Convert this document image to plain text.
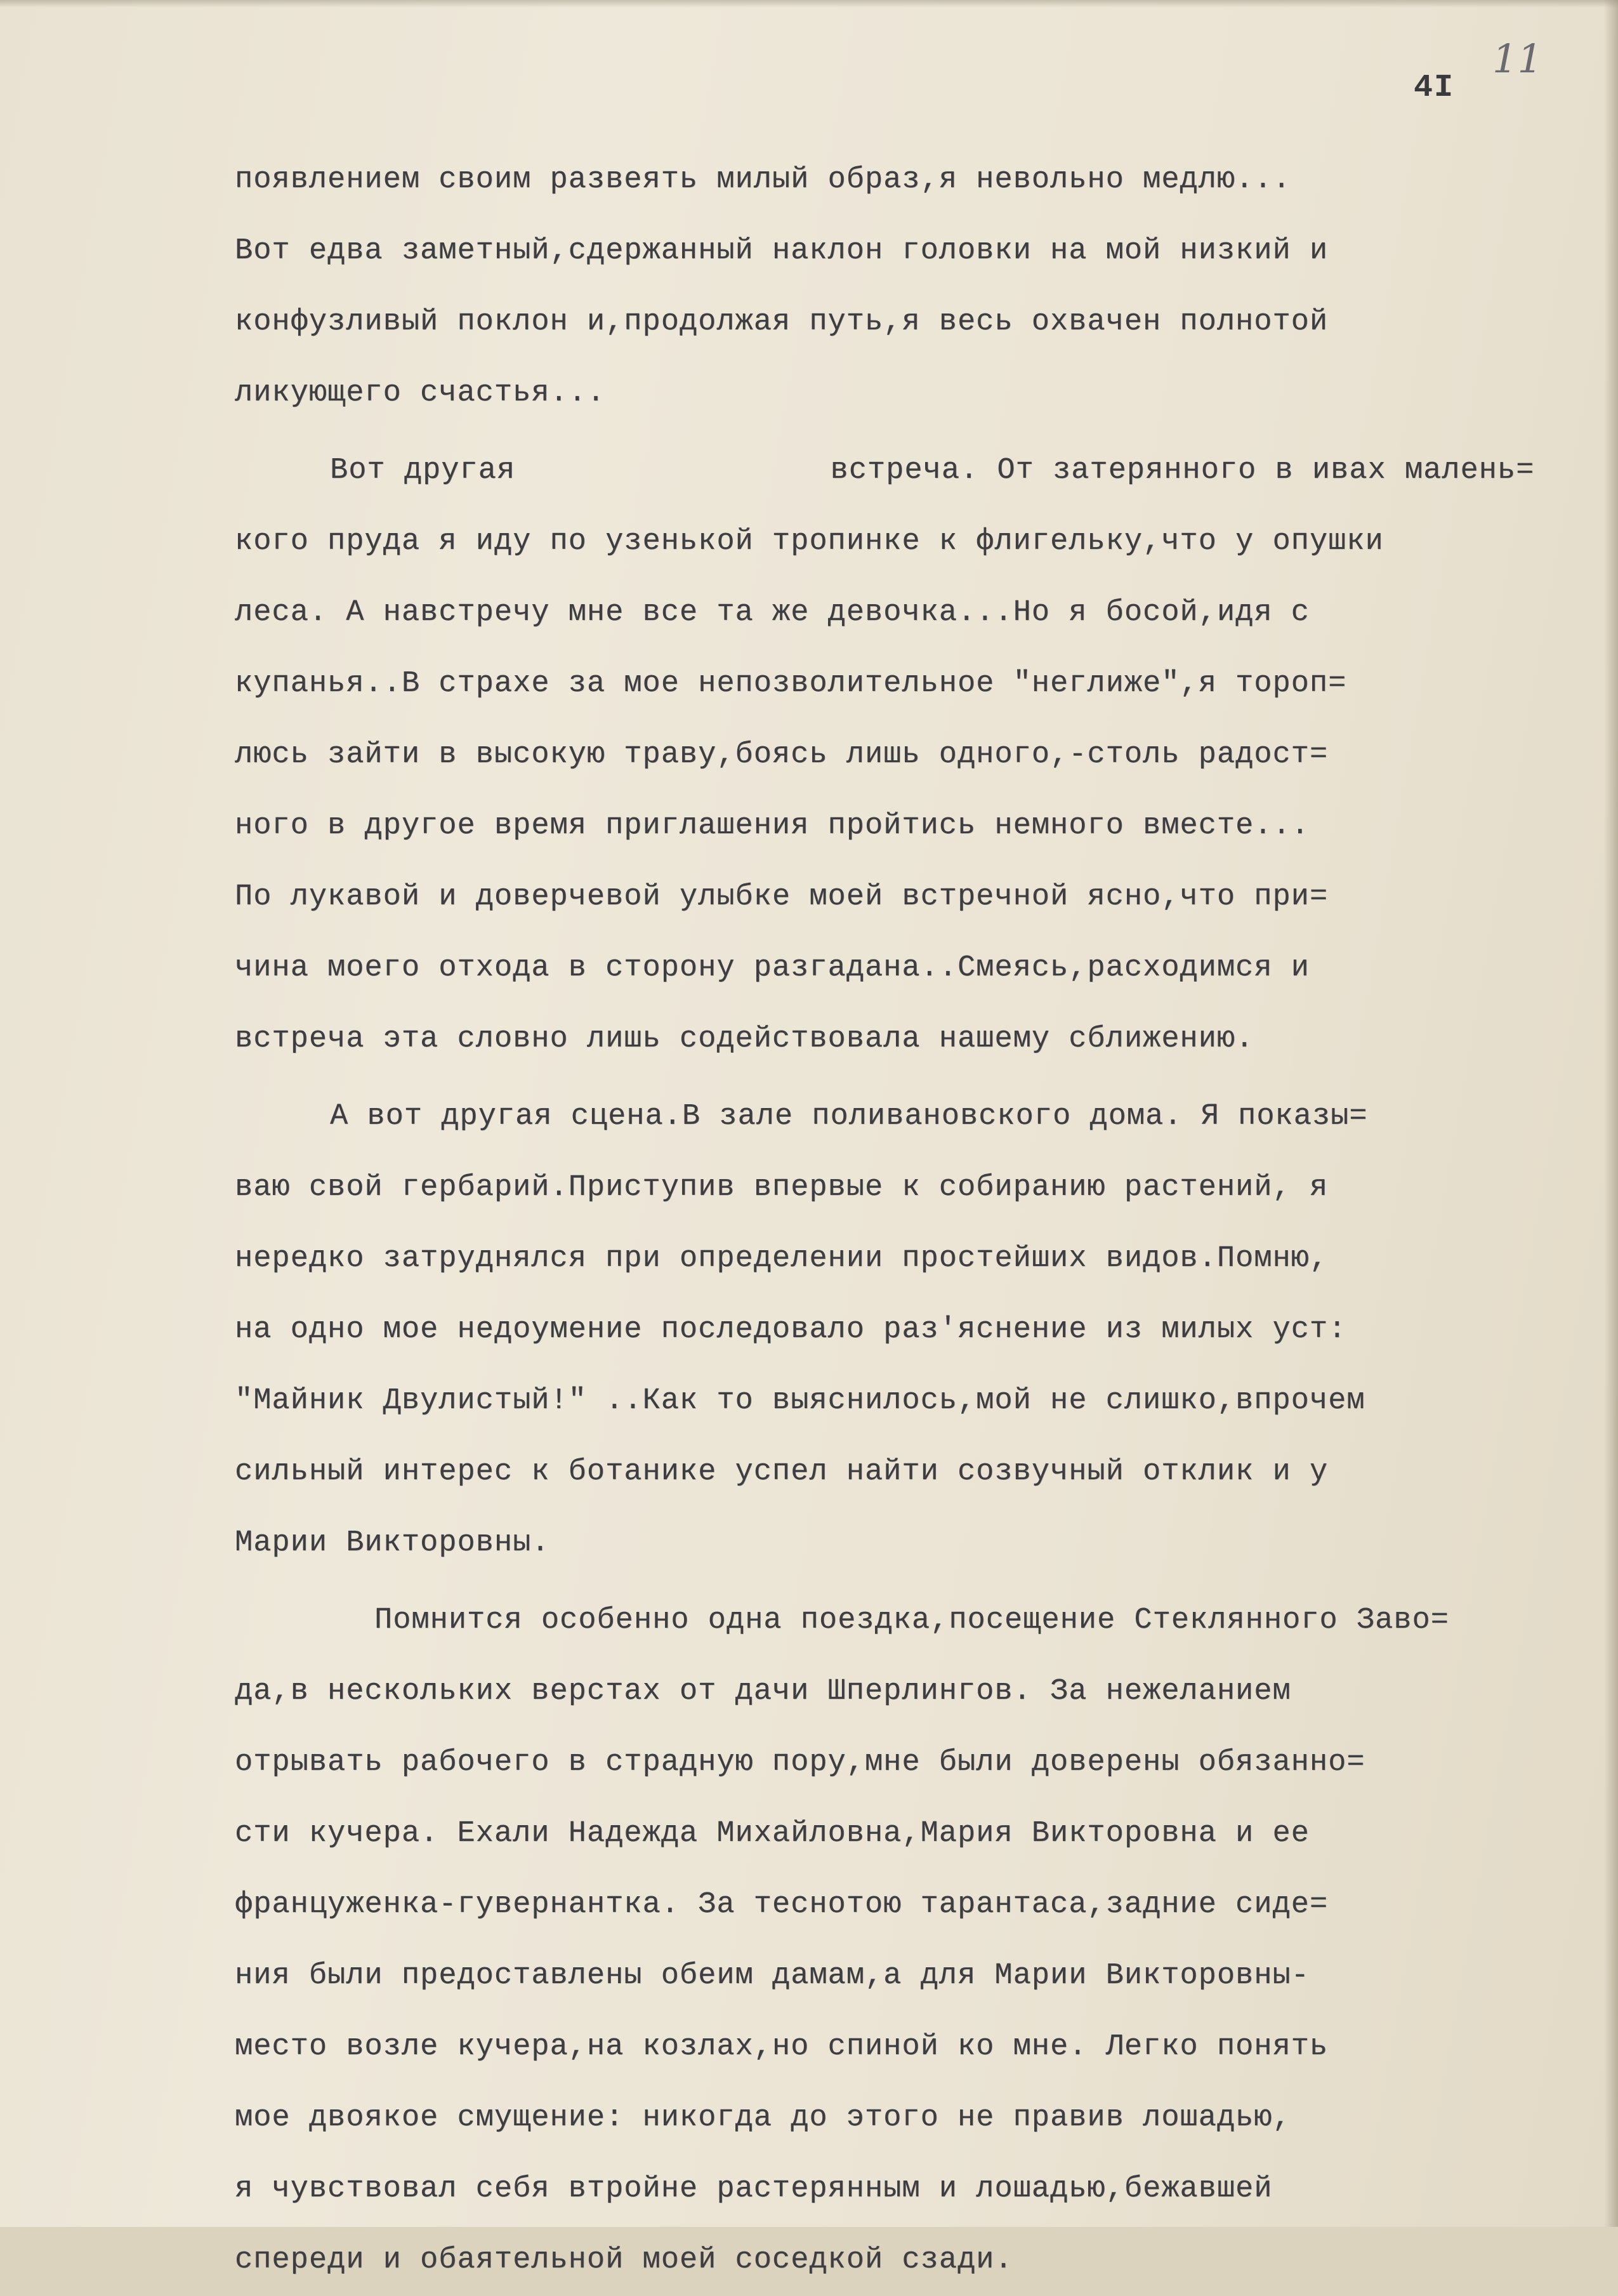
4I
11
появлением своим развеять милый образ,я невольно медлю...
Вот едва заметный,сдержанный наклон головки на мой низкий и
конфузливый поклон и,продолжая путь,я весь охвачен полнотой
ликующего счастья...
Вот другая                 встреча. От затерянного в ивах малень=
кого пруда я иду по узенькой тропинке к флигельку,что у опушки
леса. А навстречу мне все та же девочка...Но я босой,идя с
купанья..В страхе за мое непозволительное "неглиже",я тороп=
люсь зайти в высокую траву,боясь лишь одного,-столь радост=
ного в другое время приглашения пройтись немного вместе...
По лукавой и доверчевой улыбке моей встречной ясно,что при=
чина моего отхода в сторону разгадана..Смеясь,расходимся и
встреча эта словно лишь содействовала нашему сближению.
А вот другая сцена.В зале поливановского дома. Я показы=
ваю свой гербарий.Приступив впервые к собиранию растений, я
нередко затруднялся при определении простейших видов.Помню,
на одно мое недоумение последовало раз'яснение из милых уст:
"Майник Двулистый!" ..Как то выяснилось,мой не слишко,впрочем
сильный интерес к ботанике успел найти созвучный отклик и у
Марии Викторовны.
Помнится особенно одна поездка,посещение Стеклянного Заво=
да,в нескольких верстах от дачи Шперлингов. За нежеланием
отрывать рабочего в страдную пору,мне были доверены обязанно=
сти кучера. Ехали Надежда Михайловна,Мария Викторовна и ее
француженка-гувернантка. За теснотою тарантаса,задние сиде=
ния были предоставлены обеим дамам,а для Марии Викторовны-
место возле кучера,на козлах,но спиной ко мне. Легко понять
мое двоякое смущение: никогда до этого не правив лошадью,
я чувствовал себя втройне растерянным и лошадью,бежавшей
спереди и обаятельной моей соседкой сзади.
